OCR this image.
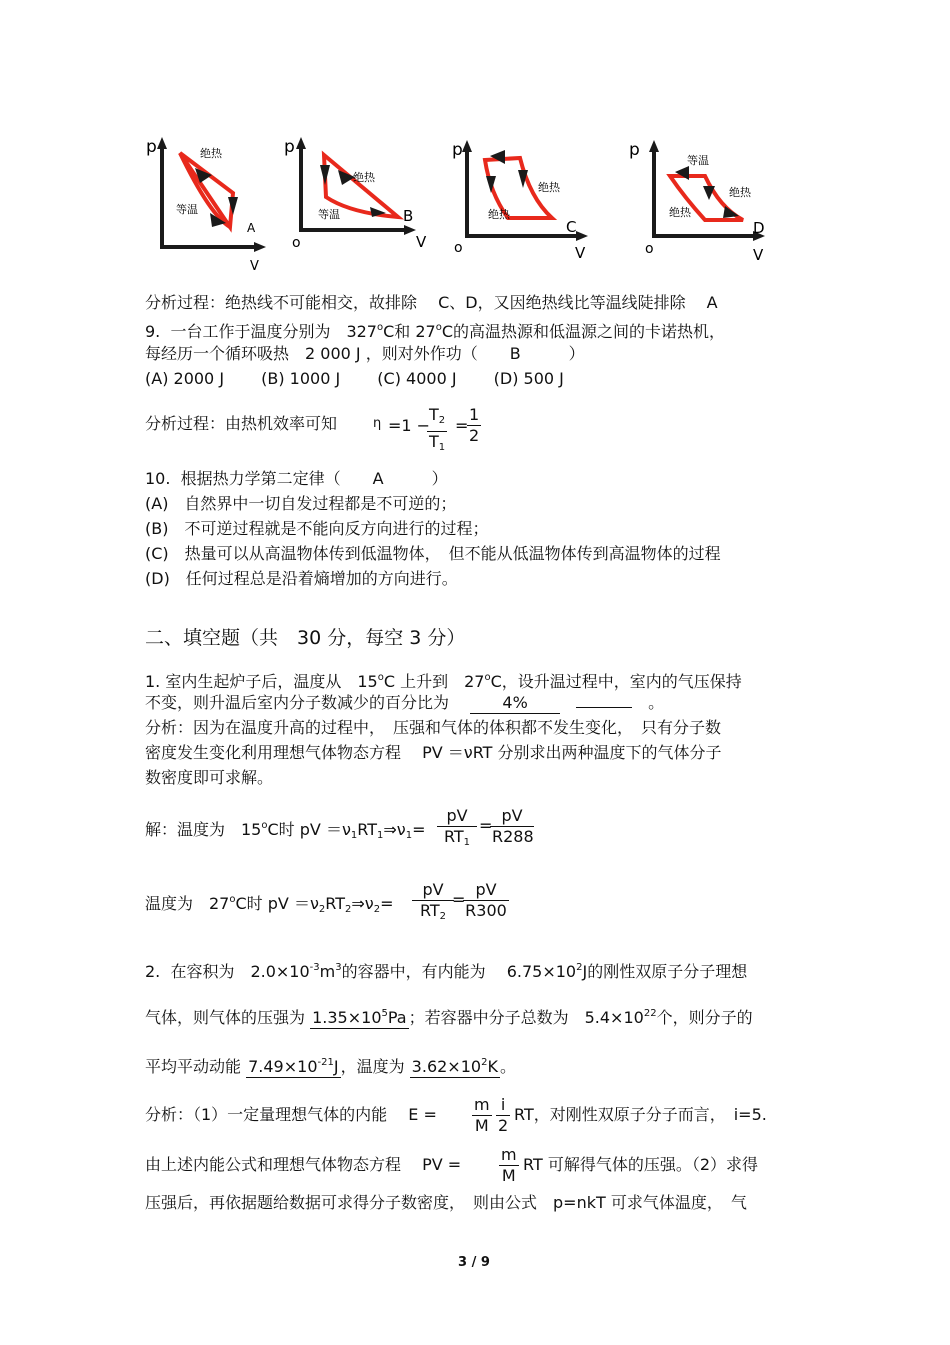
p	绝热
等温
A
V
p
绝热
等温	B
o	V
p
绝热
绝热
C
o	V
p
等温
绝热
绝热
D
o	V
分析过程：绝热线不可能相交，故排除　 C、D，又因绝热线比等温线陡排除　 A
9.  一台工作于温度分别为　327$^o$C和 27$^o$C的高温热源和低温源之间的卡诺热机，
每经历一个循环吸热　2 000 J ，则对外作功（　　B　　　）
(A) 2000 J　　 (B) 1000 J　　 (C) 4000 J　　 (D) 500 J
分析过程：由热机效率可知	η =1 −
$\frac{T_2}{T_1}$ =
$\frac{1}{2}$
10.  根据热力学第二定律（　　A　　　）
(A)　自然界中一切自发过程都是不可逆的；
(B)　不可逆过程就是不能向反方向进行的过程；
(C)　热量可以从高温物体传到低温物体，　但不能从低温物体传到高温物体的过程
(D)　任何过程总是沿着熵增加的方向进行。
二、填空题（共　30 分，每空 3 分）
1. 室内生起炉子后，温度从　15$^o$C 上升到　27$^o$C，设升温过程中，室内的气压保持
不变，则升温后室内分子数减少的百分比为　	4%　　	。
分析：因为在温度升高的过程中，　压强和气体的体积都不发生变化，　只有分子数
密度发生变化利用理想气体物态方程　 PV ＝νRT 分别求出两种温度下的气体分子
数密度即可求解。
解：温度为　15$^o$C时 pV $=\nu_1RT_1\Rightarrow\nu_1= \frac{pV}{RT_1}$ =
$\frac{pV}{R288}$
温度为　27$^o$C时 pV $=\nu_2RT_2\Rightarrow\nu_2= \frac{pV}{RT_2}$
=
$\frac{pV}{R300}$
2.  在容积为　$2.0\times 10^{-3}m^3$的容器中，有内能为　 $6.75\times 10^2J$的刚性双原子分子理想
气体，则气体的压强为 $1.35\times 10^5Pa$ ；若容器中分子总数为　$5.4\times 10^{22}$个，则分子的
平均平动动能 $7.49\times 10^{-21}J$ ，温度为 $3.62\times 10^2K$ 。
分析：（1）一定量理想气体的内能　 $E = \frac{m}{M} \frac{i}{2}$ RT，对刚性双原子分子而言，　i=5.
由上述内能公式和理想气体物态方程　 PV = $\frac{m}{M}$ RT 可解得气体的压强。（2）求得
压强后，再依据题给数据可求得分子数密度，　则由公式　p=nkT 可求气体温度，　气
3 / 9
